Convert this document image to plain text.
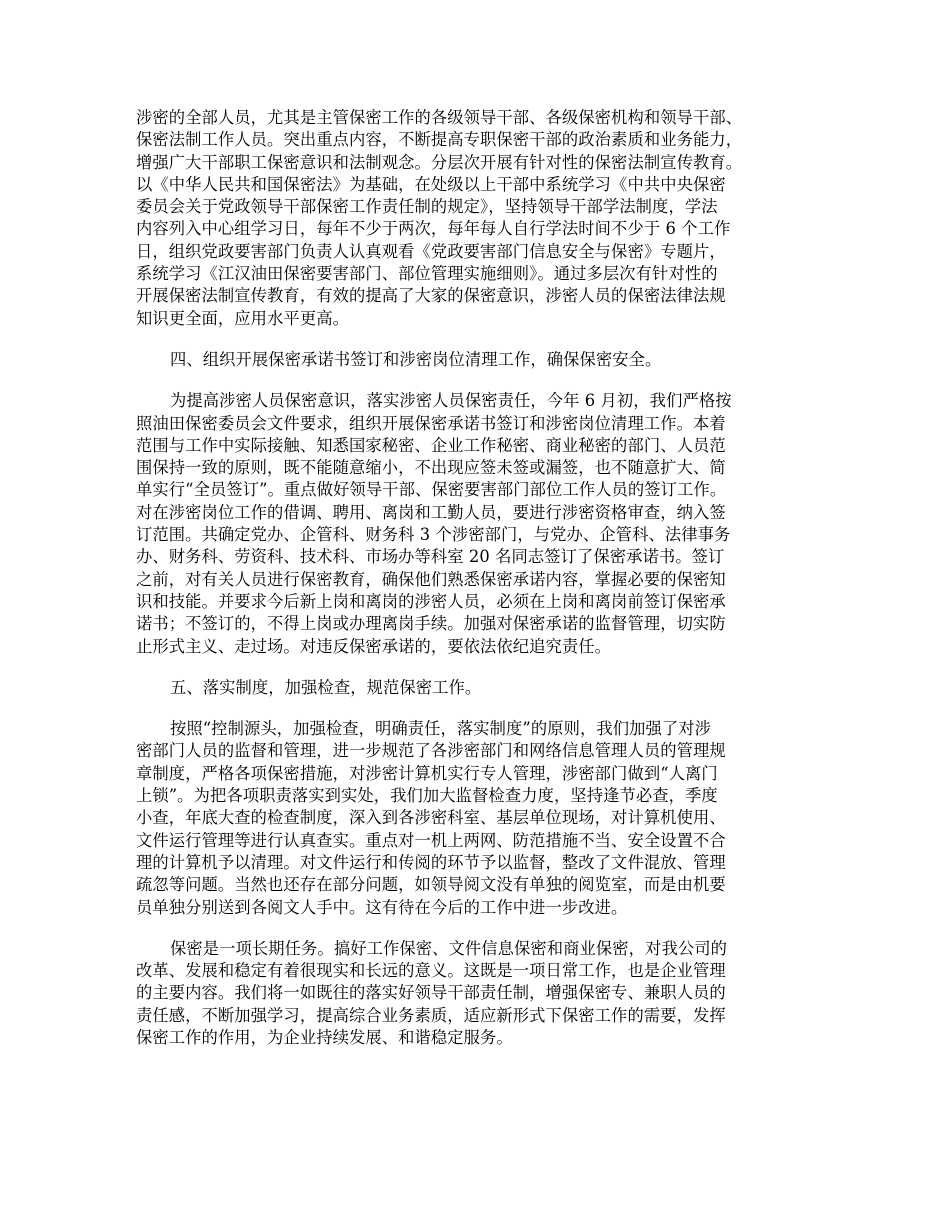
涉密的全部人员，尤其是主管保密工作的各级领导干部、各级保密机构和领导干部、
保密法制工作人员。突出重点内容，不断提高专职保密干部的政治素质和业务能力，
增强广大干部职工保密意识和法制观念。分层次开展有针对性的保密法制宣传教育。
以《中华人民共和国保密法》为基础，在处级以上干部中系统学习《中共中央保密
委员会关于党政领导干部保密工作责任制的规定》，坚持领导干部学法制度，学法
内容列入中心组学习日，每年不少于两次，每年每人自行学法时间不少于 6 个工作
日，组织党政要害部门负责人认真观看《党政要害部门信息安全与保密》专题片，
系统学习《江汉油田保密要害部门、部位管理实施细则》。通过多层次有针对性的
开展保密法制宣传教育，有效的提高了大家的保密意识，涉密人员的保密法律法规
知识更全面，应用水平更高。
四、组织开展保密承诺书签订和涉密岗位清理工作，确保保密安全。
为提高涉密人员保密意识，落实涉密人员保密责任，今年 6 月初，我们严格按
照油田保密委员会文件要求，组织开展保密承诺书签订和涉密岗位清理工作。本着
范围与工作中实际接触、知悉国家秘密、企业工作秘密、商业秘密的部门、人员范
围保持一致的原则，既不能随意缩小，不出现应签未签或漏签，也不随意扩大、简
单实行“全员签订”。重点做好领导干部、保密要害部门部位工作人员的签订工作。
对在涉密岗位工作的借调、聘用、离岗和工勤人员，要进行涉密资格审查，纳入签
订范围。共确定党办、企管科、财务科 3 个涉密部门，与党办、企管科、法律事务
办、财务科、劳资科、技术科、市场办等科室 20 名同志签订了保密承诺书。签订
之前，对有关人员进行保密教育，确保他们熟悉保密承诺内容，掌握必要的保密知
识和技能。并要求今后新上岗和离岗的涉密人员，必须在上岗和离岗前签订保密承
诺书；不签订的，不得上岗或办理离岗手续。加强对保密承诺的监督管理，切实防
止形式主义、走过场。对违反保密承诺的，要依法依纪追究责任。
五、落实制度，加强检查，规范保密工作。
按照“控制源头，加强检查，明确责任，落实制度”的原则，我们加强了对涉
密部门人员的监督和管理，进一步规范了各涉密部门和网络信息管理人员的管理规
章制度，严格各项保密措施，对涉密计算机实行专人管理，涉密部门做到“人离门
上锁”。为把各项职责落实到实处，我们加大监督检查力度，坚持逢节必查，季度
小查，年底大查的检查制度，深入到各涉密科室、基层单位现场，对计算机使用、
文件运行管理等进行认真查实。重点对一机上两网、防范措施不当、安全设置不合
理的计算机予以清理。对文件运行和传阅的环节予以监督，整改了文件混放、管理
疏忽等问题。当然也还存在部分问题，如领导阅文没有单独的阅览室，而是由机要
员单独分别送到各阅文人手中。这有待在今后的工作中进一步改进。
保密是一项长期任务。搞好工作保密、文件信息保密和商业保密，对我公司的
改革、发展和稳定有着很现实和长远的意义。这既是一项日常工作，也是企业管理
的主要内容。我们将一如既往的落实好领导干部责任制，增强保密专、兼职人员的
责任感，不断加强学习，提高综合业务素质，适应新形式下保密工作的需要，发挥
保密工作的作用，为企业持续发展、和谐稳定服务。
